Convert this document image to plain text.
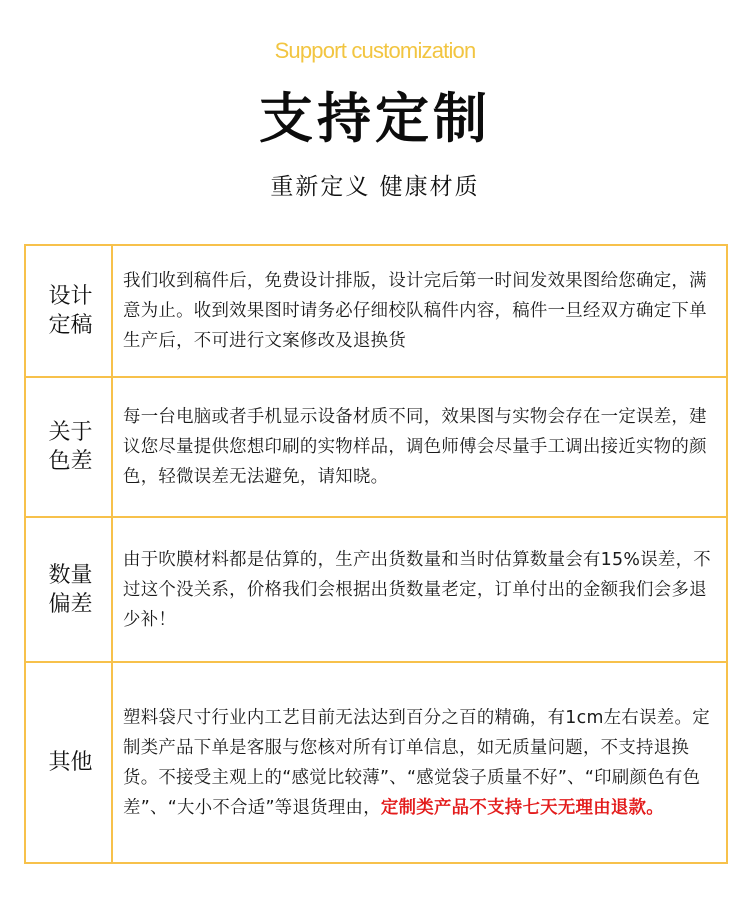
Support customization
支持定制
重新定义 健康材质
设计定稿

我们收到稿件后，免费设计排版，设计完后第一时间发效果图给您确定，满意为止。收到效果图时请务必仔细校队稿件内容，稿件一旦经双方确定下单生产后，不可进行文案修改及退换货

关于色差

每一台电脑或者手机显示设备材质不同，效果图与实物会存在一定误差，建议您尽量提供您想印刷的实物样品，调色师傅会尽量手工调出接近实物的颜色，轻微误差无法避免，请知晓。

数量偏差

由于吹膜材料都是估算的，生产出货数量和当时估算数量会有15%误差，不过这个没关系，价格我们会根据出货数量老定，订单付出的金额我们会多退少补！

其他

塑料袋尺寸行业内工艺目前无法达到百分之百的精确，有1cm左右误差。定制类产品下单是客服与您核对所有订单信息，如无质量问题，不支持退换货。不接受主观上的“感觉比较薄”、“感觉袋子质量不好”、“印刷颜色有色差”、“大小不合适”等退货理由，定制类产品不支持七天无理由退款。
